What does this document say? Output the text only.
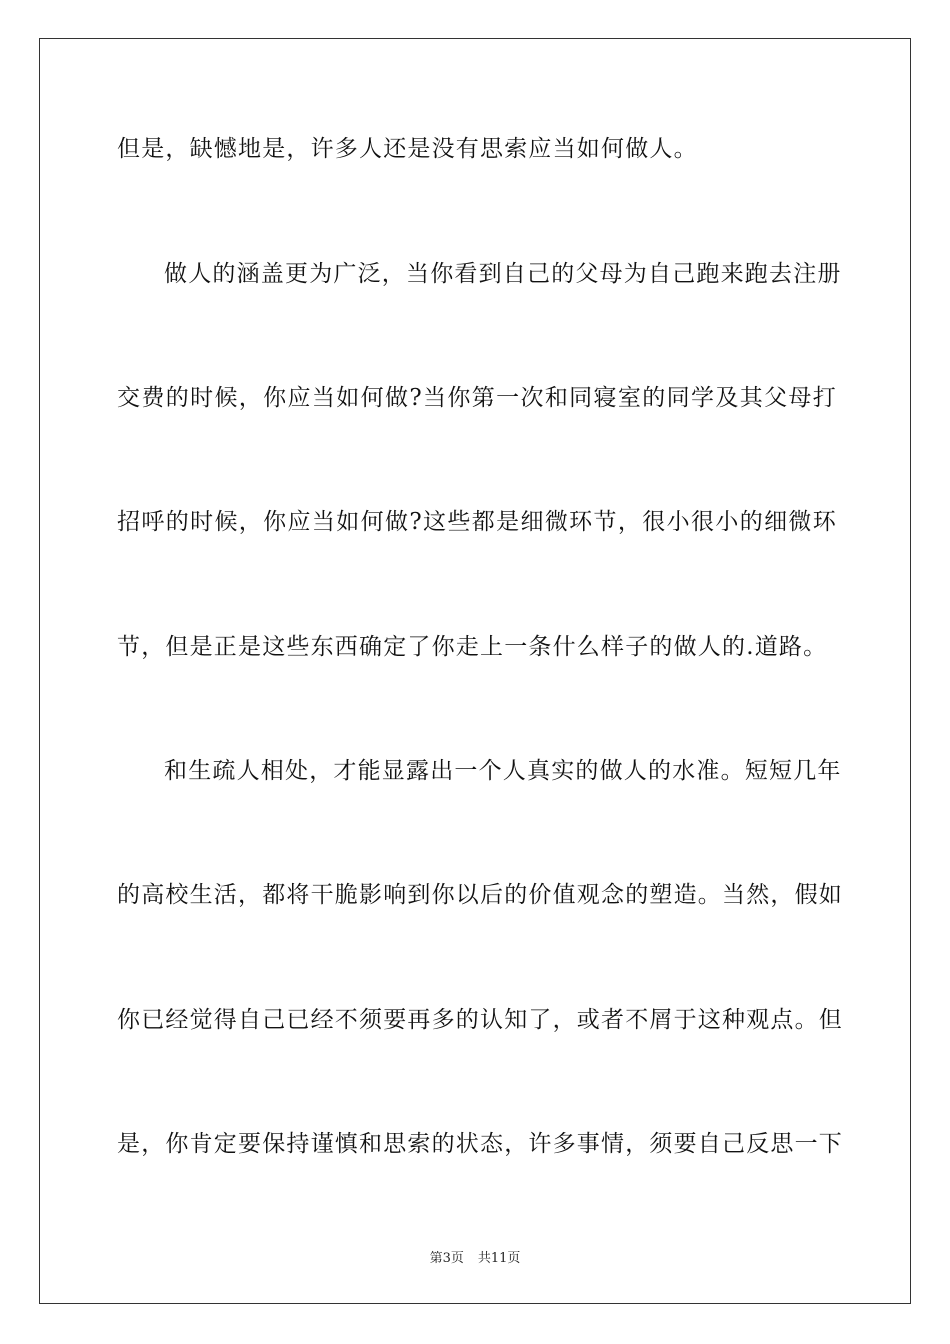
但是，缺憾地是，许多人还是没有思索应当如何做人。
做人的涵盖更为广泛，当你看到自己的父母为自己跑来跑去注册
交费的时候，你应当如何做?当你第一次和同寝室的同学及其父母打
招呼的时候，你应当如何做?这些都是细微环节，很小很小的细微环
节，但是正是这些东西确定了你走上一条什么样子的做人的.道路。
和生疏人相处，才能显露出一个人真实的做人的水准。短短几年
的高校生活，都将干脆影响到你以后的价值观念的塑造。当然，假如
你已经觉得自己已经不须要再多的认知了，或者不屑于这种观点。但
是，你肯定要保持谨慎和思索的状态，许多事情，须要自己反思一下
第3页 共11页
